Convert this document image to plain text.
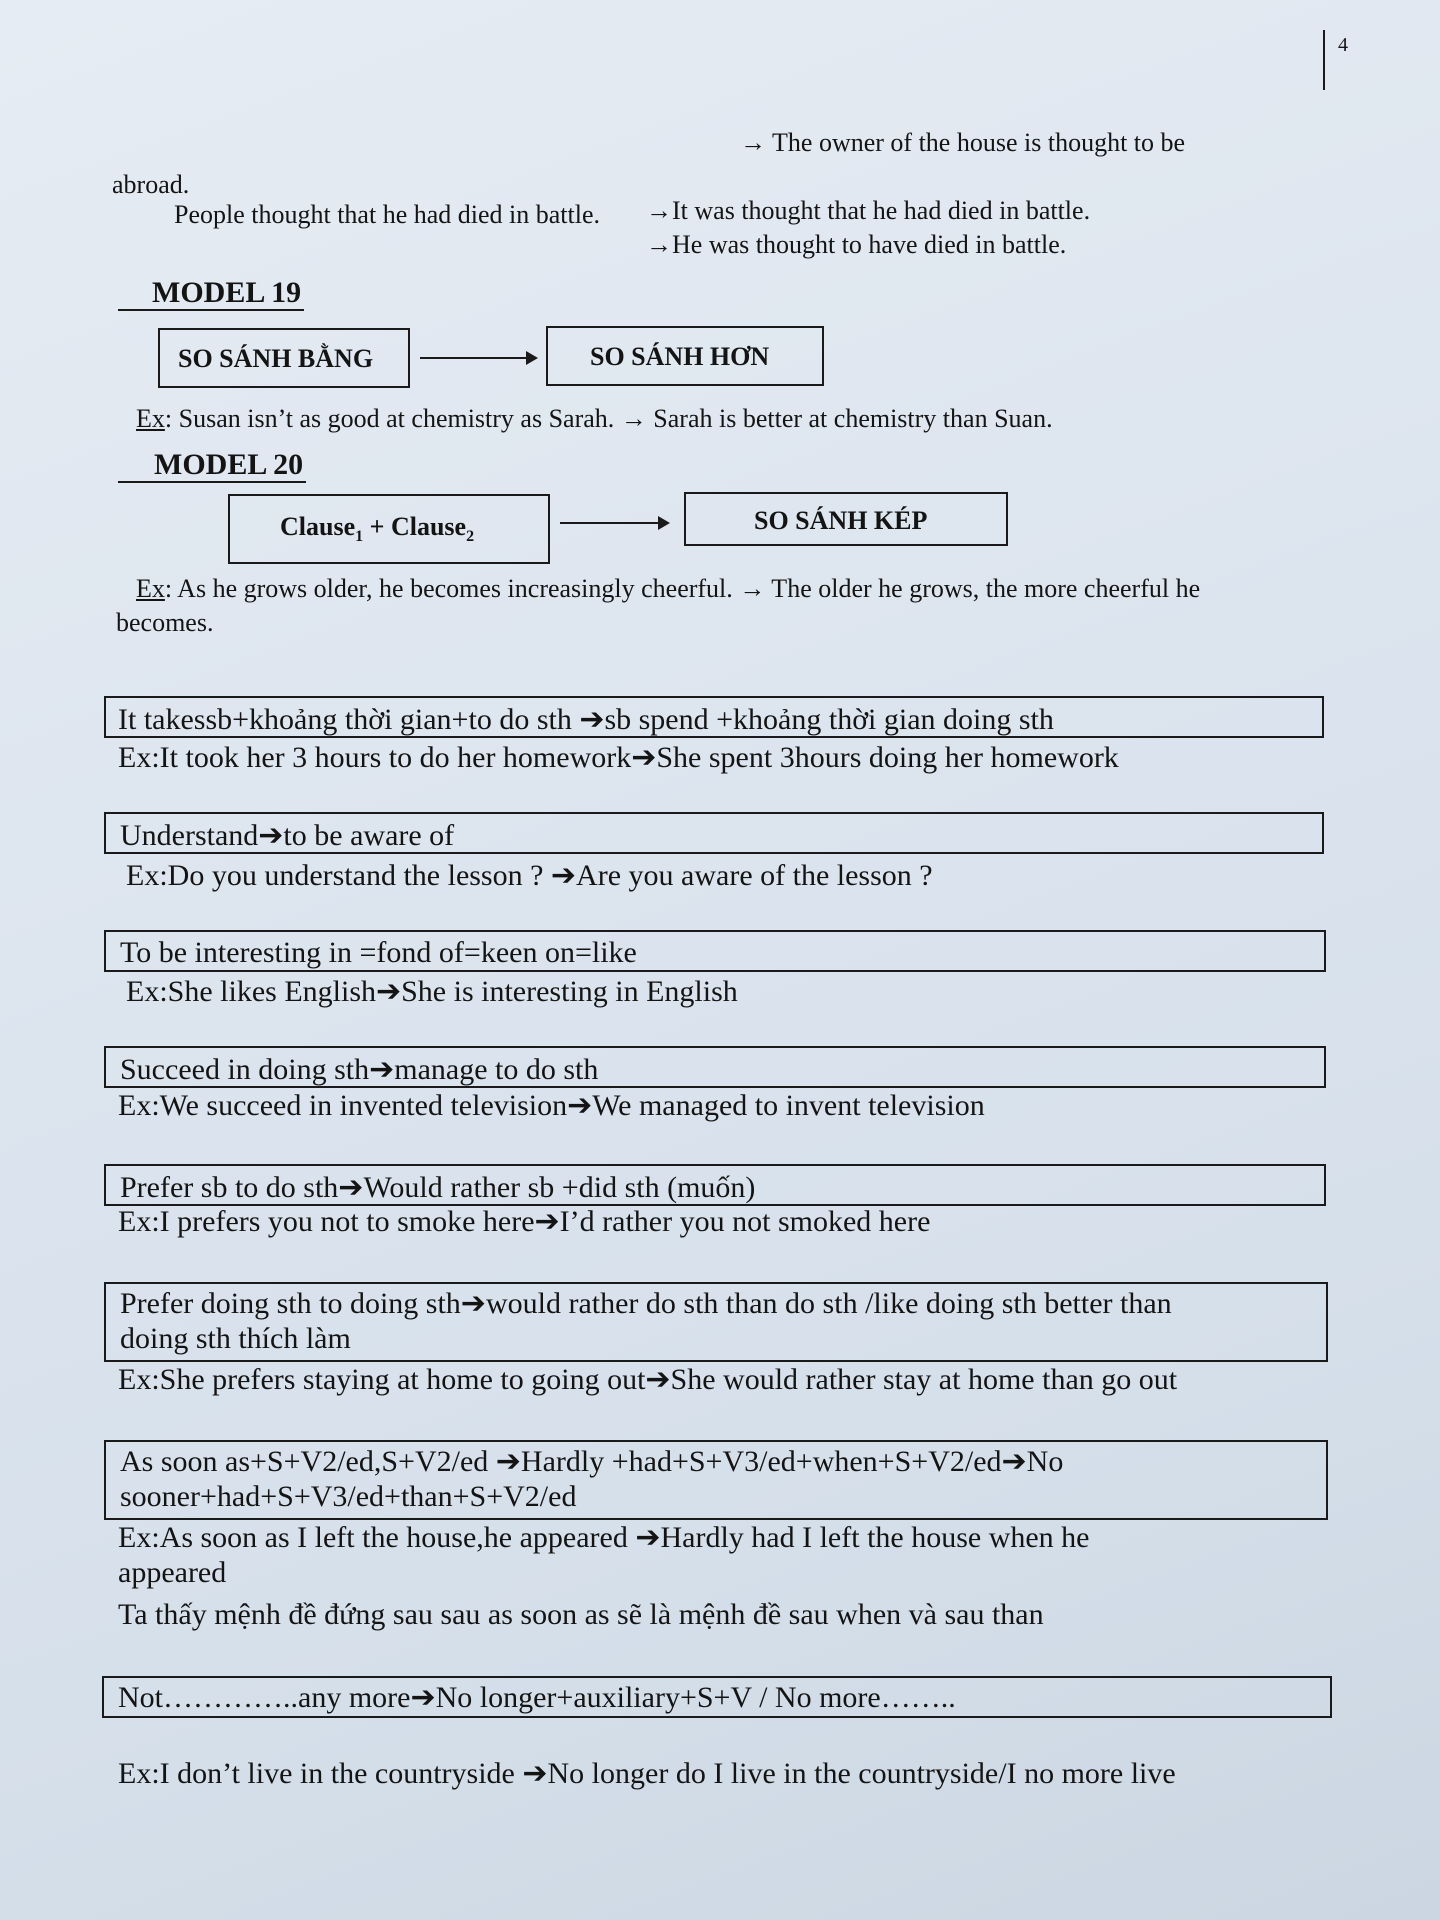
4
→ The owner of the house is thought to be
abroad.
People thought that he had died in battle. →It was thought that he had died in battle.
→He was thought to have died in battle.
MODEL 19
SO SÁNH BẰNG	SO SÁNH HƠN
Ex: Susan isn’t as good at chemistry as Sarah. → Sarah is better at chemistry than Suan.
MODEL 20
Clause$_1$ + Clause$_2$
SO SÁNH KÉP
Ex: As he grows older, he becomes increasingly cheerful. → The older he grows, the more cheerful he
becomes.
It takessb+khoảng thời gian+to do sth ➔sb spend +khoảng thời gian doing sth
Ex:It took her 3 hours to do her homework➔She spent 3hours doing her homework
Understand➔to be aware of
Ex:Do you understand the lesson ? ➔Are you aware of the lesson ?
To be interesting in =fond of=keen on=like
Ex:She likes English➔She is interesting in English
Succeed in doing sth➔manage to do sth
Ex:We succeed in invented television➔We managed to invent television
Prefer sb to do sth➔Would rather sb +did sth (muốn)
Ex:I prefers you not to smoke here➔I’d rather you not smoked here
Prefer doing sth to doing sth➔would rather do sth than do sth /like doing sth better than
doing sth thích làm
Ex:She prefers staying at home to going out➔She would rather stay at home than go out
As soon as+S+V2/ed,S+V2/ed ➔Hardly +had+S+V3/ed+when+S+V2/ed➔No
sooner+had+S+V3/ed+than+S+V2/ed
Ex:As soon as I left the house,he appeared ➔Hardly had I left the house when he
appeared
Ta thấy mệnh đề đứng sau sau as soon as sẽ là mệnh đề sau when và sau than
Not…………..any more➔No longer+auxiliary+S+V / No more……..
Ex:I don’t live in the countryside ➔No longer do I live in the countryside/I no more live
